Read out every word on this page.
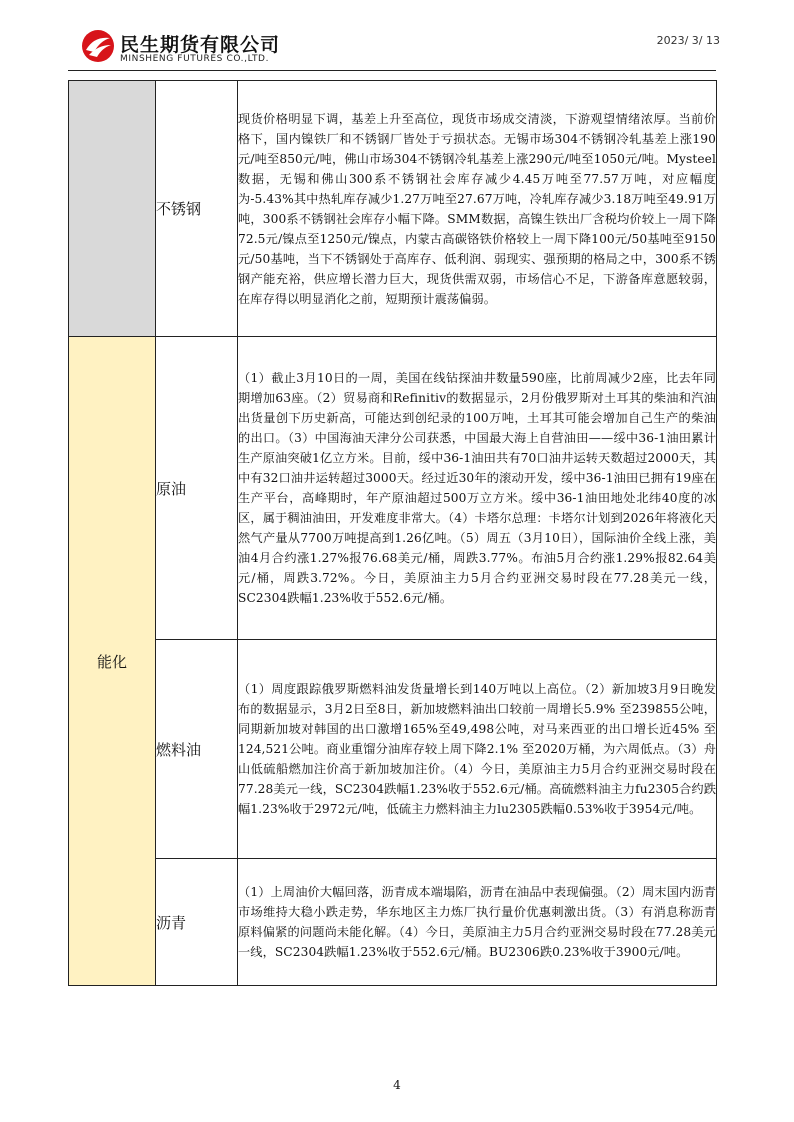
民生期货有限公司
MINSHENG FUTURES CO.,LTD.
2023/ 3/ 13
	不锈钢	现货价格明显下调，基差上升至高位，现货市场成交清淡，下游观望情绪浓厚。当前价格下，国内镍铁厂和不锈钢厂皆处于亏损状态。无锡市场304不锈钢冷轧基差上涨190元/吨至850元/吨，佛山市场304不锈钢冷轧基差上涨290元/吨至1050元/吨。Mysteel数据，无锡和佛山300系不锈钢社会库存减少4.45万吨至77.57万吨，对应幅度为-5.43%其中热轧库存减少1.27万吨至27.67万吨，冷轧库存减少3.18万吨至49.91万吨，300系不锈钢社会库存小幅下降。SMM数据，高镍生铁出厂含税均价较上一周下降72.5元/镍点至1250元/镍点，内蒙古高碳铬铁价格较上一周下降100元/50基吨至9150 元/50基吨，当下不锈钢处于高库存、低利润、弱现实、强预期的格局之中，300系不锈钢产能充裕，供应增长潜力巨大，现货供需双弱，市场信心不足，下游备库意愿较弱，在库存得以明显消化之前，短期预计震荡偏弱。
能化	原油	（1）截止3月10日的一周，美国在线钻探油井数量590座，比前周减少2座，比去年同期增加63座。（2）贸易商和Refinitiv的数据显示，2月份俄罗斯对土耳其的柴油和汽油出货量创下历史新高，可能达到创纪录的100万吨，土耳其可能会增加自己生产的柴油的出口。（3）中国海油天津分公司获悉，中国最大海上自营油田——绥中36-1油田累计生产原油突破1亿立方米。目前，绥中36-1油田共有70口油井运转天数超过2000天，其中有32口油井运转超过3000天。经过近30年的滚动开发，绥中36-1油田已拥有19座在生产平台，高峰期时，年产原油超过500万立方米。绥中36-1油田地处北纬40度的冰区，属于稠油油田，开发难度非常大。（4）卡塔尔总理：卡塔尔计划到2026年将液化天然气产量从7700万吨提高到1.26亿吨。（5）周五（3月10日），国际油价全线上涨，美油4月合约涨1.27%报76.68美元/桶，周跌3.77%。布油5月合约涨1.29%报82.64美元/桶，周跌3.72%。今日，美原油主力5月合约亚洲交易时段在77.28美元一线，SC2304跌幅1.23%收于552.6元/桶。
	燃料油	（1）周度跟踪俄罗斯燃料油发货量增长到140万吨以上高位。（2）新加坡3月9日晚发布的数据显示，3月2日至8日，新加坡燃料油出口较前一周增长5.9% 至239855公吨，同期新加坡对韩国的出口激增165%至49,498公吨，对马来西亚的出口增长近45% 至124,521公吨。商业重馏分油库存较上周下降2.1% 至2020万桶，为六周低点。（3）舟山低硫船燃加注价高于新加坡加注价。（4）今日，美原油主力5月合约亚洲交易时段在77.28美元一线，SC2304跌幅1.23%收于552.6元/桶。高硫燃料油主力fu2305合约跌幅1.23%收于2972元/吨，低硫主力燃料油主力lu2305跌幅0.53%收于3954元/吨。
	沥青	（1）上周油价大幅回落，沥青成本端塌陷，沥青在油品中表现偏强。（2）周末国内沥青市场维持大稳小跌走势，华东地区主力炼厂执行量价优惠刺激出货。（3）有消息称沥青原料偏紧的问题尚未能化解。（4）今日，美原油主力5月合约亚洲交易时段在77.28美元一线，SC2304跌幅1.23%收于552.6元/桶。BU2306跌0.23%收于3900元/吨。
4
